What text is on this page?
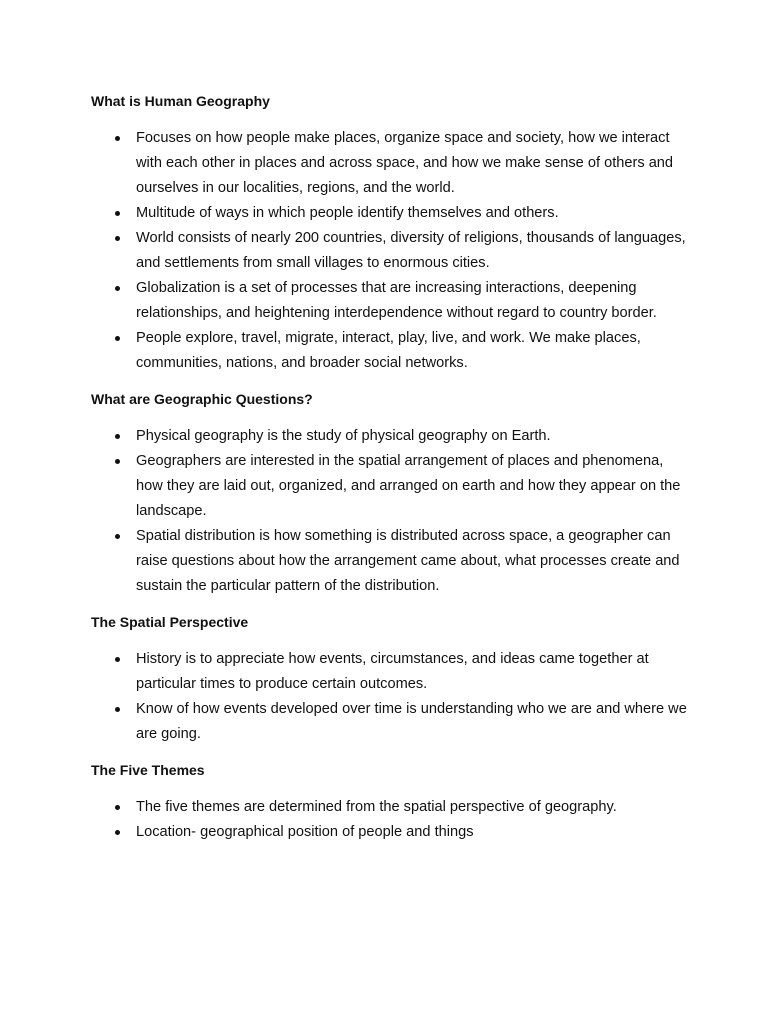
What is Human Geography
Focuses on how people make places, organize space and society, how we interact with each other in places and across space, and how we make sense of others and ourselves in our localities, regions, and the world.
Multitude of ways in which people identify themselves and others.
World consists of nearly 200 countries, diversity of religions, thousands of languages, and settlements from small villages to enormous cities.
Globalization is a set of processes that are increasing interactions, deepening relationships, and heightening interdependence without regard to country border.
People explore, travel, migrate, interact, play, live, and work. We make places, communities, nations, and broader social networks.
What are Geographic Questions?
Physical geography is the study of physical geography on Earth.
Geographers are interested in the spatial arrangement of places and phenomena, how they are laid out, organized, and arranged on earth and how they appear on the landscape.
Spatial distribution is how something is distributed across space, a geographer can raise questions about how the arrangement came about, what processes create and sustain the particular pattern of the distribution.
The Spatial Perspective
History is to appreciate how events, circumstances, and ideas came together at particular times to produce certain outcomes.
Know of how events developed over time is understanding who we are and where we are going.
The Five Themes
The five themes are determined from the spatial perspective of geography.
Location- geographical position of people and things
